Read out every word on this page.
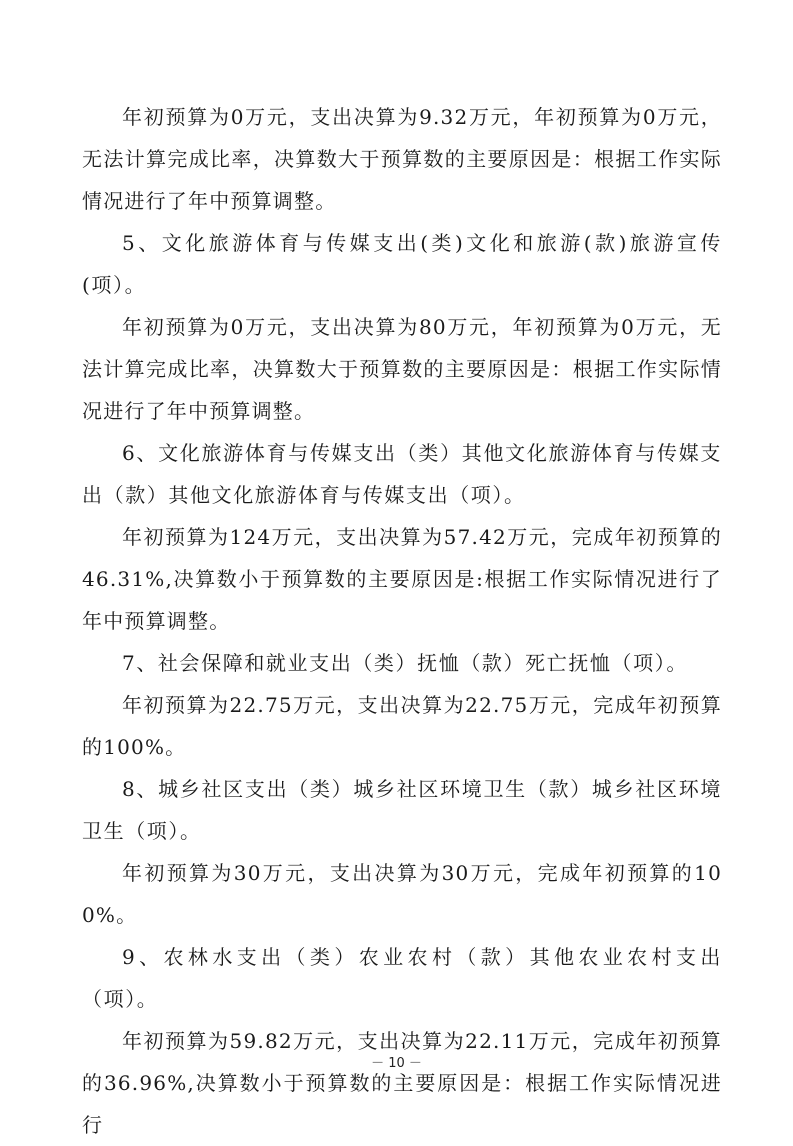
年初预算为0万元，支出决算为9.32万元，年初预算为0万元，无法计算完成比率，决算数大于预算数的主要原因是：根据工作实际情况进行了年中预算调整。

5、文化旅游体育与传媒支出(类)文化和旅游(款)旅游宣传(项）。

年初预算为0万元，支出决算为80万元，年初预算为0万元，无法计算完成比率，决算数大于预算数的主要原因是：根据工作实际情况进行了年中预算调整。

6、文化旅游体育与传媒支出（类）其他文化旅游体育与传媒支出（款）其他文化旅游体育与传媒支出（项）。

年初预算为124万元，支出决算为57.42万元，完成年初预算的46.31%,决算数小于预算数的主要原因是:根据工作实际情况进行了年中预算调整。

7、社会保障和就业支出（类）抚恤（款）死亡抚恤（项）。

年初预算为22.75万元，支出决算为22.75万元，完成年初预算的100%。

8、城乡社区支出（类）城乡社区环境卫生（款）城乡社区环境卫生（项）。

年初预算为30万元，支出决算为30万元，完成年初预算的100%。

9、农林水支出（类）农业农村（款）其他农业农村支出（项）。

年初预算为59.82万元，支出决算为22.11万元，完成年初预算的36.96%,决算数小于预算数的主要原因是：根据工作实际情况进行

－ 10 －
